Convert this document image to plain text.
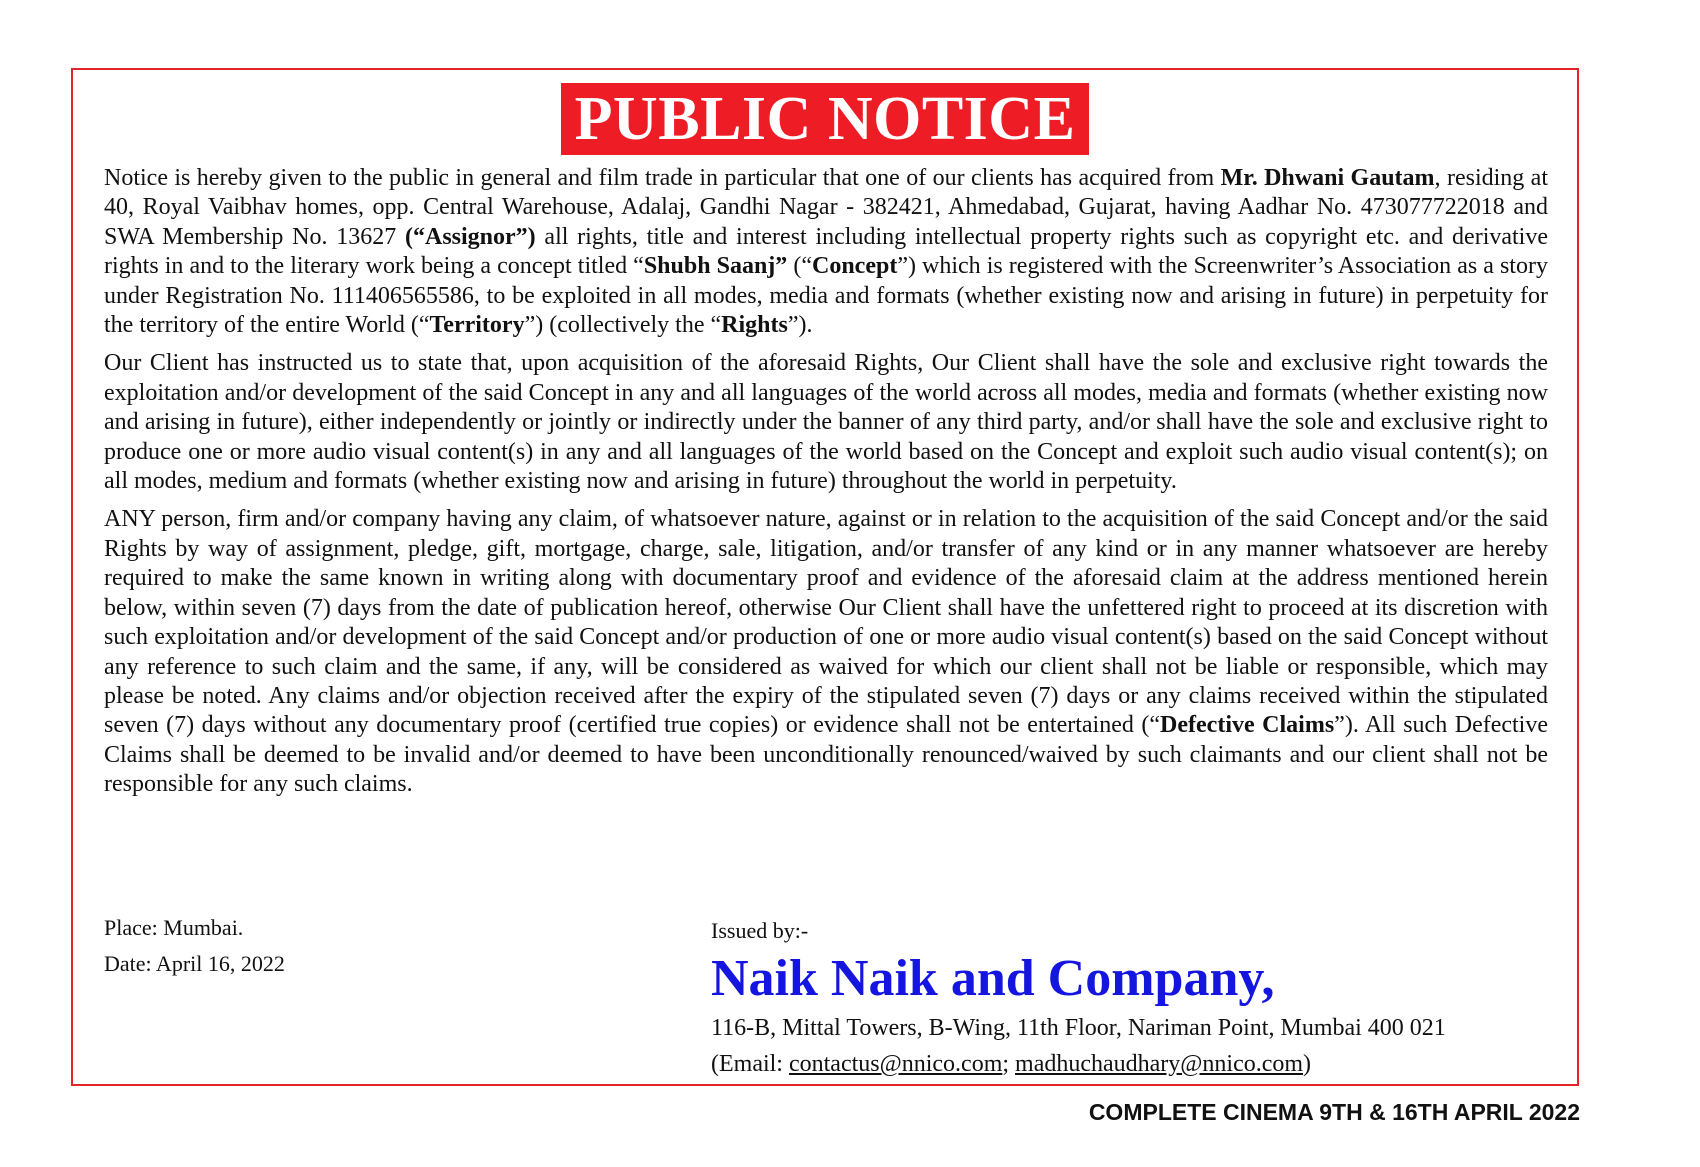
PUBLIC NOTICE

Notice is hereby given to the public in general and film trade in particular that one of our clients has acquired from Mr. Dhwani Gautam, residing at 40, Royal Vaibhav homes, opp. Central Warehouse, Adalaj, Gandhi Nagar - 382421, Ahmedabad, Gujarat, having Aadhar No. 473077722018 and SWA Membership No. 13627 (“Assignor”) all rights, title and interest including intellectual property rights such as copyright etc. and derivative rights in and to the literary work being a concept titled “Shubh Saanj” (“Concept”) which is registered with the Screenwriter’s Association as a story under Registration No. 111406565586, to be exploited in all modes, media and formats (whether existing now and arising in future) in perpetuity for the territory of the entire World (“Territory”) (collectively the “Rights”).

Our Client has instructed us to state that, upon acquisition of the aforesaid Rights, Our Client shall have the sole and exclusive right towards the exploitation and/or development of the said Concept in any and all languages of the world across all modes, media and formats (whether existing now and arising in future), either independently or jointly or indirectly under the banner of any third party, and/or shall have the sole and exclusive right to produce one or more audio visual content(s) in any and all languages of the world based on the Concept and exploit such audio visual content(s); on all modes, medium and formats (whether existing now and arising in future) throughout the world in perpetuity.

ANY person, firm and/or company having any claim, of whatsoever nature, against or in relation to the acquisition of the said Concept and/or the said Rights by way of assignment, pledge, gift, mortgage, charge, sale, litigation, and/or transfer of any kind or in any manner whatsoever are hereby required to make the same known in writing along with documentary proof and evidence of the aforesaid claim at the address mentioned herein below, within seven (7) days from the date of publication hereof, otherwise Our Client shall have the unfettered right to proceed at its discretion with such exploitation and/or development of the said Concept and/or production of one or more audio visual content(s) based on the said Concept without any reference to such claim and the same, if any, will be considered as waived for which our client shall not be liable or responsible, which may please be noted. Any claims and/or objection received after the expiry of the stipulated seven (7) days or any claims received within the stipulated seven (7) days without any documentary proof (certified true copies) or evidence shall not be entertained (“Defective Claims”). All such Defective Claims shall be deemed to be invalid and/or deemed to have been unconditionally renounced/waived by such claimants and our client shall not be responsible for any such claims.

Place: Mumbai.
Date: April 16, 2022
Issued by:-
Naik Naik and Company,
116-B, Mittal Towers, B-Wing, 11th Floor, Nariman Point, Mumbai 400 021
(Email: contactus@nnico.com; madhuchaudhary@nnico.com)
COMPLETE CINEMA 9TH & 16TH APRIL 2022
